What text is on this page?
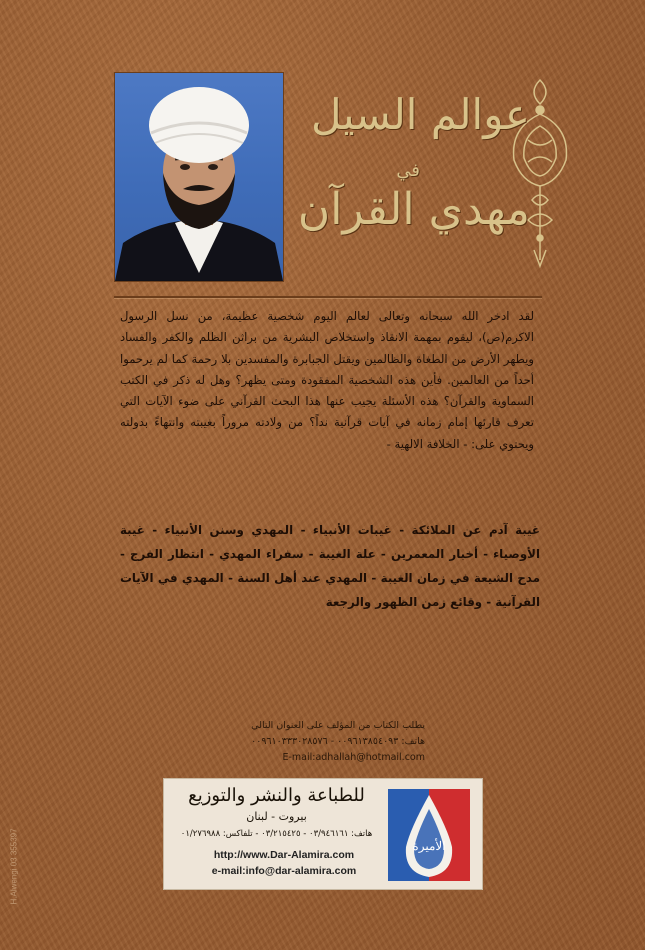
عوالم السيل
في
مهدي القرآن
لقد ادخر الله سبحانه وتعالى لعالم اليوم شخصية عظيمة، من نسل الرسول الاكرم(ص)، ليقوم بمهمة الانقاذ واستخلاص البشرية من براثن الظلم والكفر والفساد ويطهر الأرض من الطغاة والظالمين ويقتل الجبابرة والمفسدين بلا رحمة كما لم يرحموا أحداً من العالمين. فأين هذه الشخصية المفقودة ومتى يظهر؟ وهل له ذكر في الكتب السماوية والقرآن؟ هذه الأسئلة يجيب عنها هذا البحث القرآني على ضوء الآيات التي تعرف قارئها إمام زمانه في آيات قرآنية نداً؟ من ولادته مروراً بغيبته وانتهاءً بدولته ويحتوي على: - الخلافة الالهية -
غيبة آدم عن الملائكة - غيبات الأنبياء - المهدي وسنن الأنبياء - غيبة الأوصياء - أخبار المعمرين - علة الغيبة - سفراء المهدي - انتظار الفرج - مدح الشيعة في زمان الغيبة - المهدي عند أهل السنة - المهدي في الآيات القرآنية - وقائع زمن الظهور والرجعة
يطلب الكتاب من المؤلف على العنوان التالي
هاتف: ٠٠٩٦١٣٨٥٤٠٩٣ - ٠٠٩٦١٠٣٣٣٠٢٨٥٧٦
E-mail:adhallah@hotmail.com
للطباعة والنشر والتوزيع
بيروت - لبنان
هاتف: ٠٣/٩٤٦١٦١ - ٠٣/٢١٥٤٢٥ - تلفاكس: ٠١/٢٧٦٩٨٨
http://www.Dar-Alamira.com
e-mail:info@dar-alamira.com
الأميرة
H.Alwengi 03 355397
